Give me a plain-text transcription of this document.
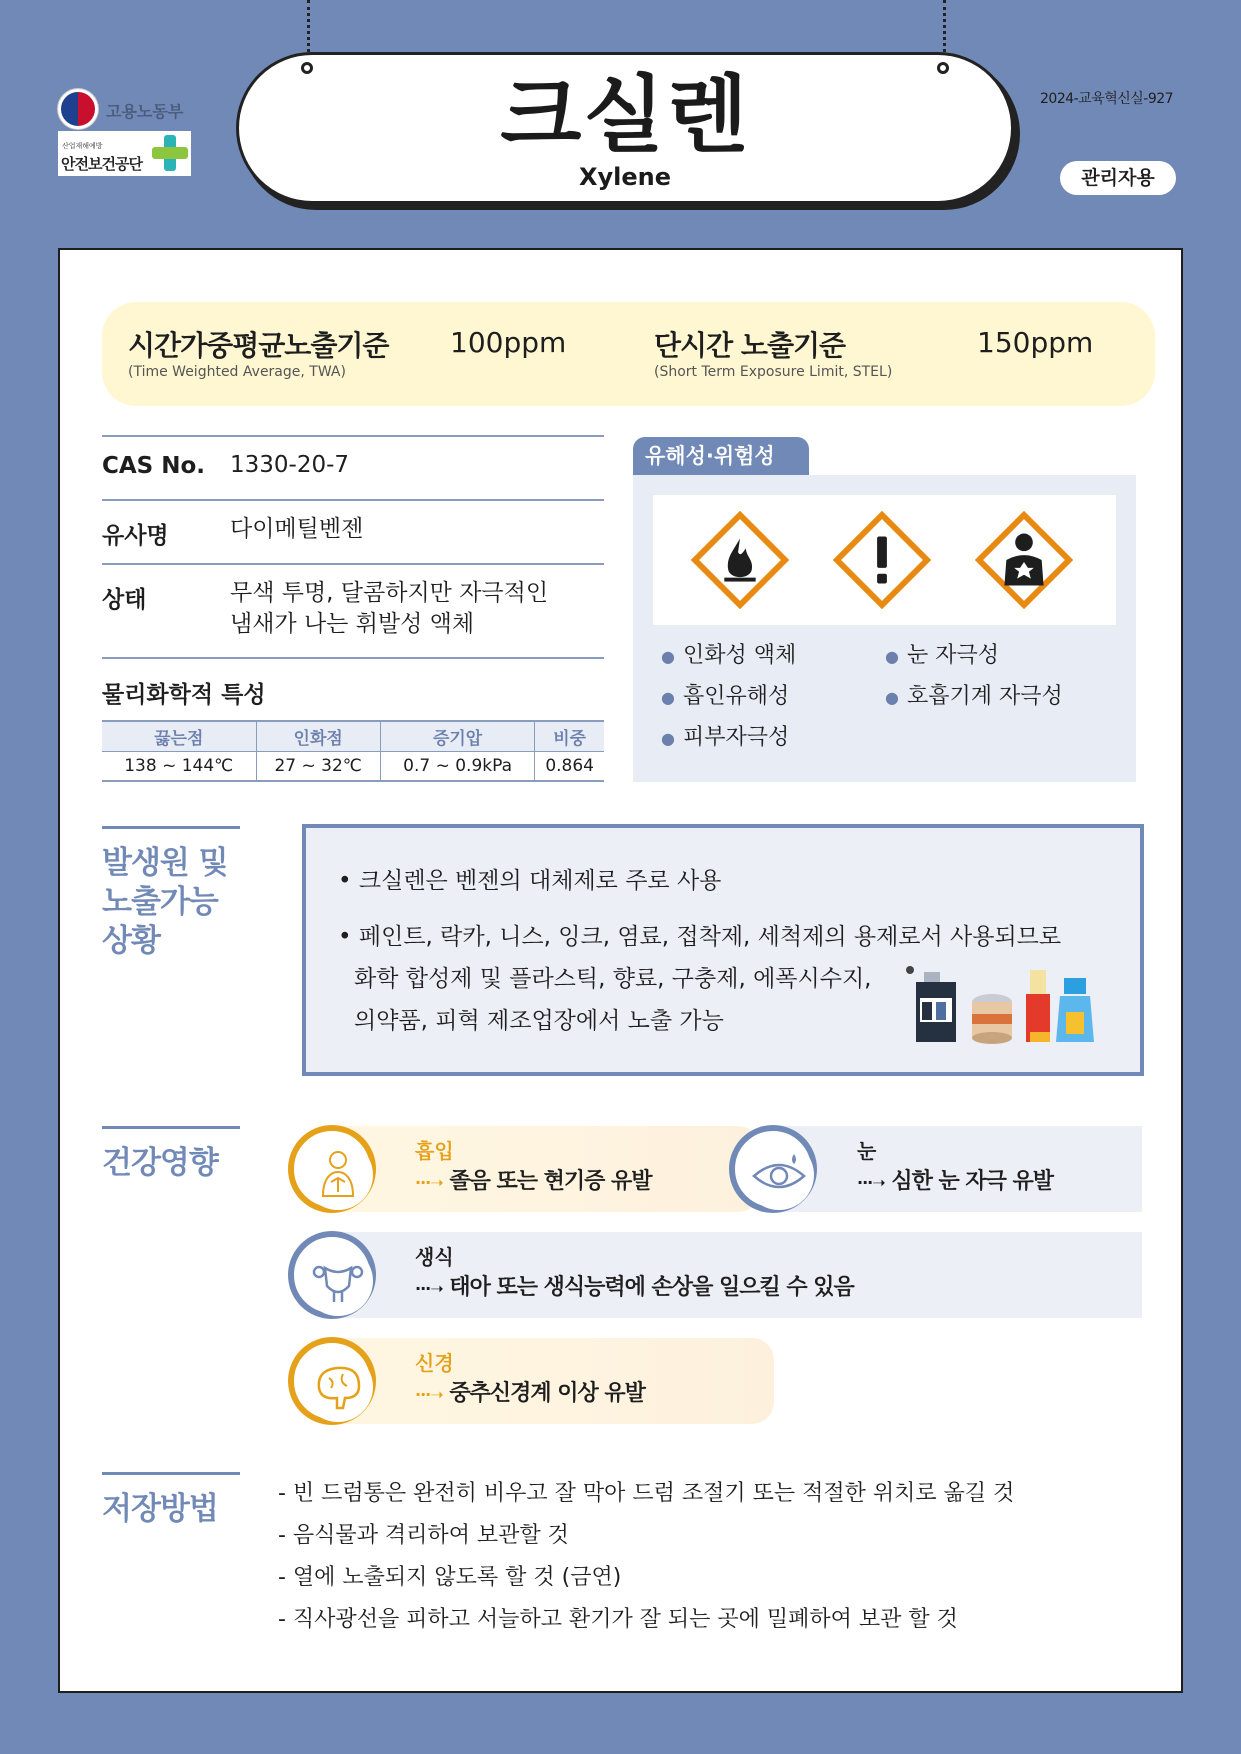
크실렌
Xylene
고용노동부
산업재해예방
안전보건공단
2024-교육혁신실-927
관리자용
시간가중평균노출기준
(Time Weighted Average, TWA)
100ppm	단시간 노출기준
(Short Term Exposure Limit, STEL)
150ppm
CAS No. 1330-20-7
유사명	다이메틸벤젠
상태	무색 투명, 달콤하지만 자극적인
냄새가 나는 휘발성 액체
물리화학적 특성
끓는점	인화점	증기압	비중
138 ~ 144℃	27 ~ 32℃	0.7 ~ 0.9kPa	0.864
유해성·위험성
● 인화성 액체	● 눈 자극성
● 흡인유해성	● 호흡기계 자극성
● 피부자극성
발생원 및
노출가능
상황
• 크실렌은 벤젠의 대체제로 주로 사용
• 페인트, 락카, 니스, 잉크, 염료, 접착제, 세척제의 용제로서 사용되므로
화학 합성제 및 플라스틱, 향료, 구충제, 에폭시수지,
의약품, 피혁 제조업장에서 노출 가능
건강영향	흡입
···➝ 졸음 또는 현기증 유발
눈
···➝ 심한 눈 자극 유발
생식
···➝ 태아 또는 생식능력에 손상을 일으킬 수 있음
신경
···➝ 중추신경계 이상 유발
저장방법	- 빈 드럼통은 완전히 비우고 잘 막아 드럼 조절기 또는 적절한 위치로 옮길 것
- 음식물과 격리하여 보관할 것
- 열에 노출되지 않도록 할 것 (금연)
- 직사광선을 피하고 서늘하고 환기가 잘 되는 곳에 밀폐하여 보관 할 것
